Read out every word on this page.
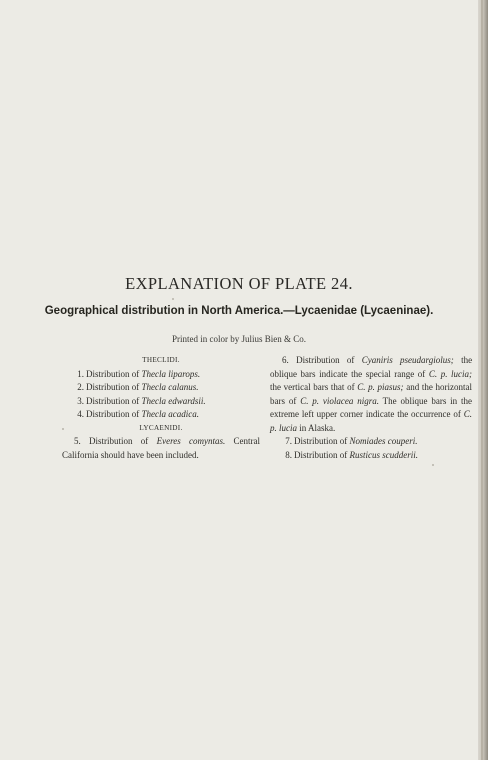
EXPLANATION OF PLATE 24.
Geographical distribution in North America.—Lycaenidae (Lycaeninae).
Printed in color by Julius Bien & Co.

THECLIDI.

1. Distribution of Thecla liparops.

2. Distribution of Thecla calanus.

3. Distribution of Thecla edwardsii.

4. Distribution of Thecla acadica.

LYCAENIDI.

5. Distribution of Everes comyntas. Central California should have been included.

6. Distribution of Cyaniris pseudargiolus; the oblique bars indicate the special range of C. p. lucia; the vertical bars that of C. p. piasus; and the horizontal bars of C. p. violacea nigra. The oblique bars in the extreme left upper corner indicate the occurrence of C. p. lucia in Alaska.

7. Distribution of Nomiades couperi.

8. Distribution of Rusticus scudderii.
